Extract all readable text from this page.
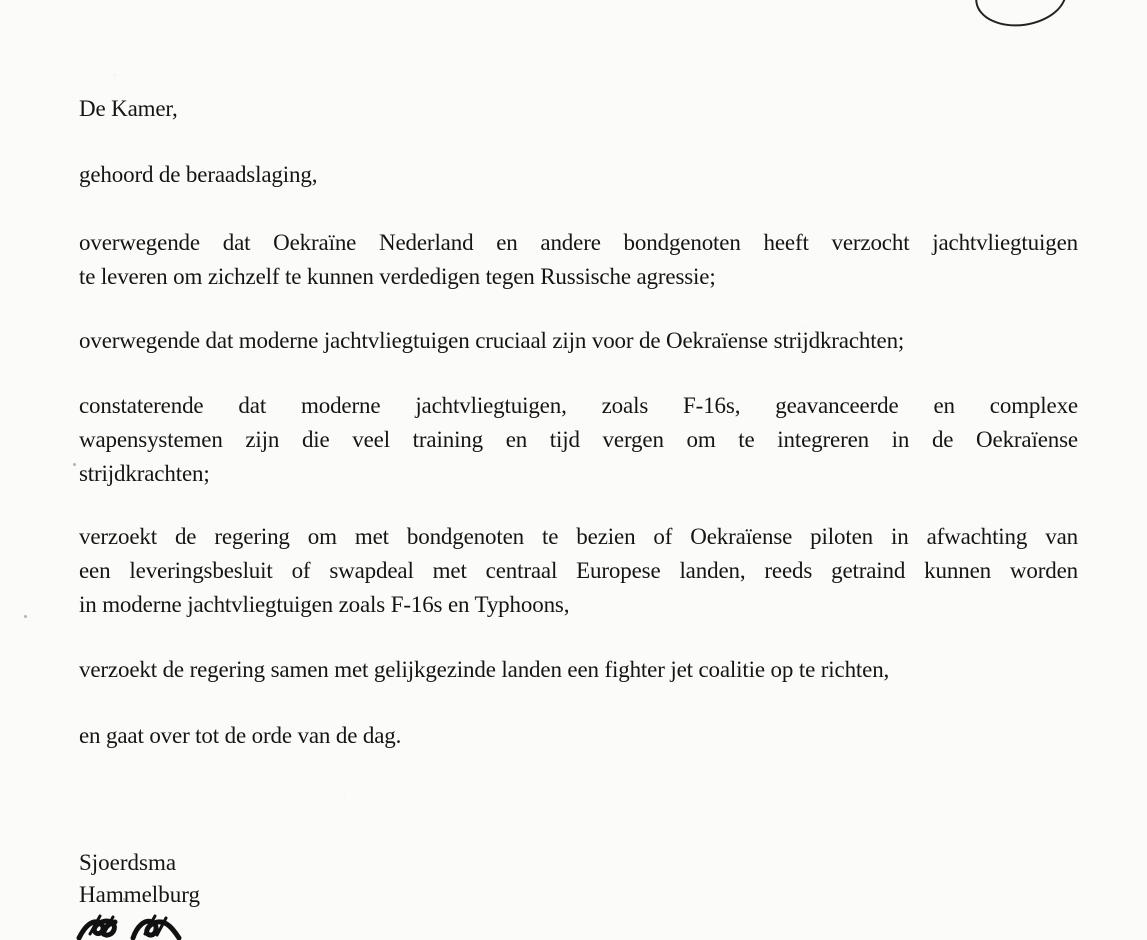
De Kamer,
gehoord de beraadslaging,
overwegende dat Oekraïne Nederland en andere bondgenoten heeft verzocht jachtvliegtuigen
te leveren om zichzelf te kunnen verdedigen tegen Russische agressie;
overwegende dat moderne jachtvliegtuigen cruciaal zijn voor de Oekraïense strijdkrachten;
constaterende dat moderne jachtvliegtuigen, zoals F-16s, geavanceerde en complexe
wapensystemen zijn die veel training en tijd vergen om te integreren in de Oekraïense
strijdkrachten;
verzoekt de regering om met bondgenoten te bezien of Oekraïense piloten in afwachting van
een leveringsbesluit of swapdeal met centraal Europese landen, reeds getraind kunnen worden
in moderne jachtvliegtuigen zoals F-16s en Typhoons,
verzoekt de regering samen met gelijkgezinde landen een fighter jet coalitie op te richten,
en gaat over tot de orde van de dag.
Sjoerdsma
Hammelburg
